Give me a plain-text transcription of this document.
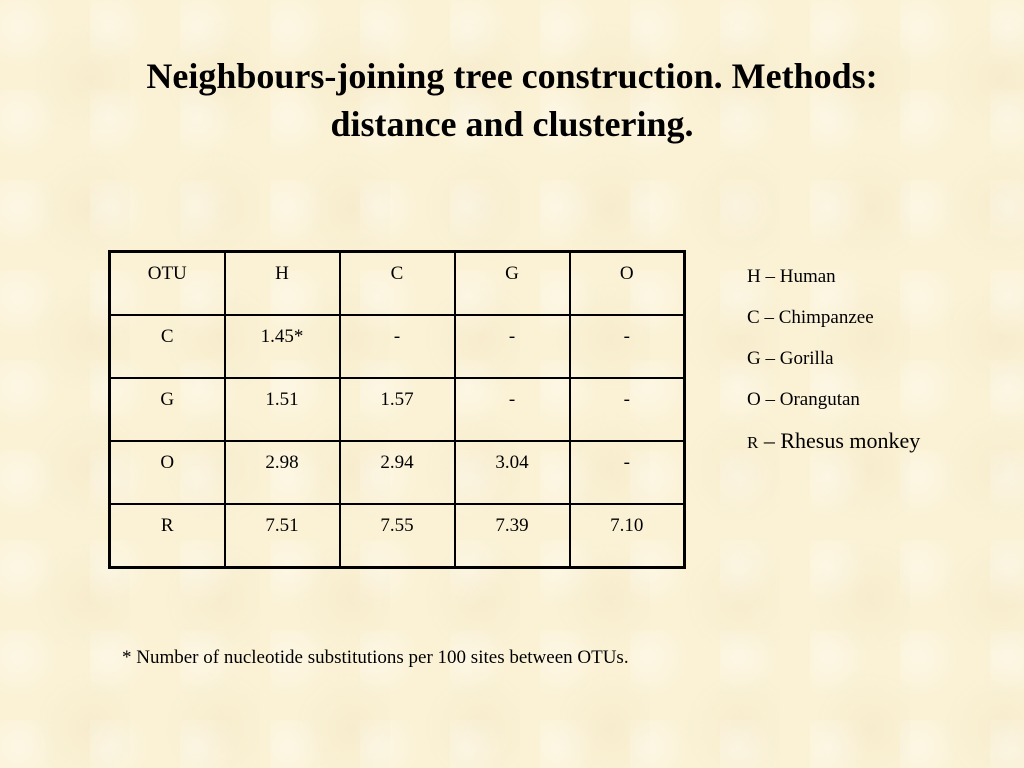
Neighbours-joining tree construction. Methods:
distance and clustering.
OTU	H	C	G	O
C	1.45*	-	-	-
G	1.51	1.57	-	-
O	2.98	2.94	3.04	-
R	7.51	7.55	7.39	7.10
H – Human
C – Chimpanzee
G – Gorilla
O – Orangutan
R – Rhesus monkey

* Number of nucleotide substitutions per 100 sites between OTUs.
